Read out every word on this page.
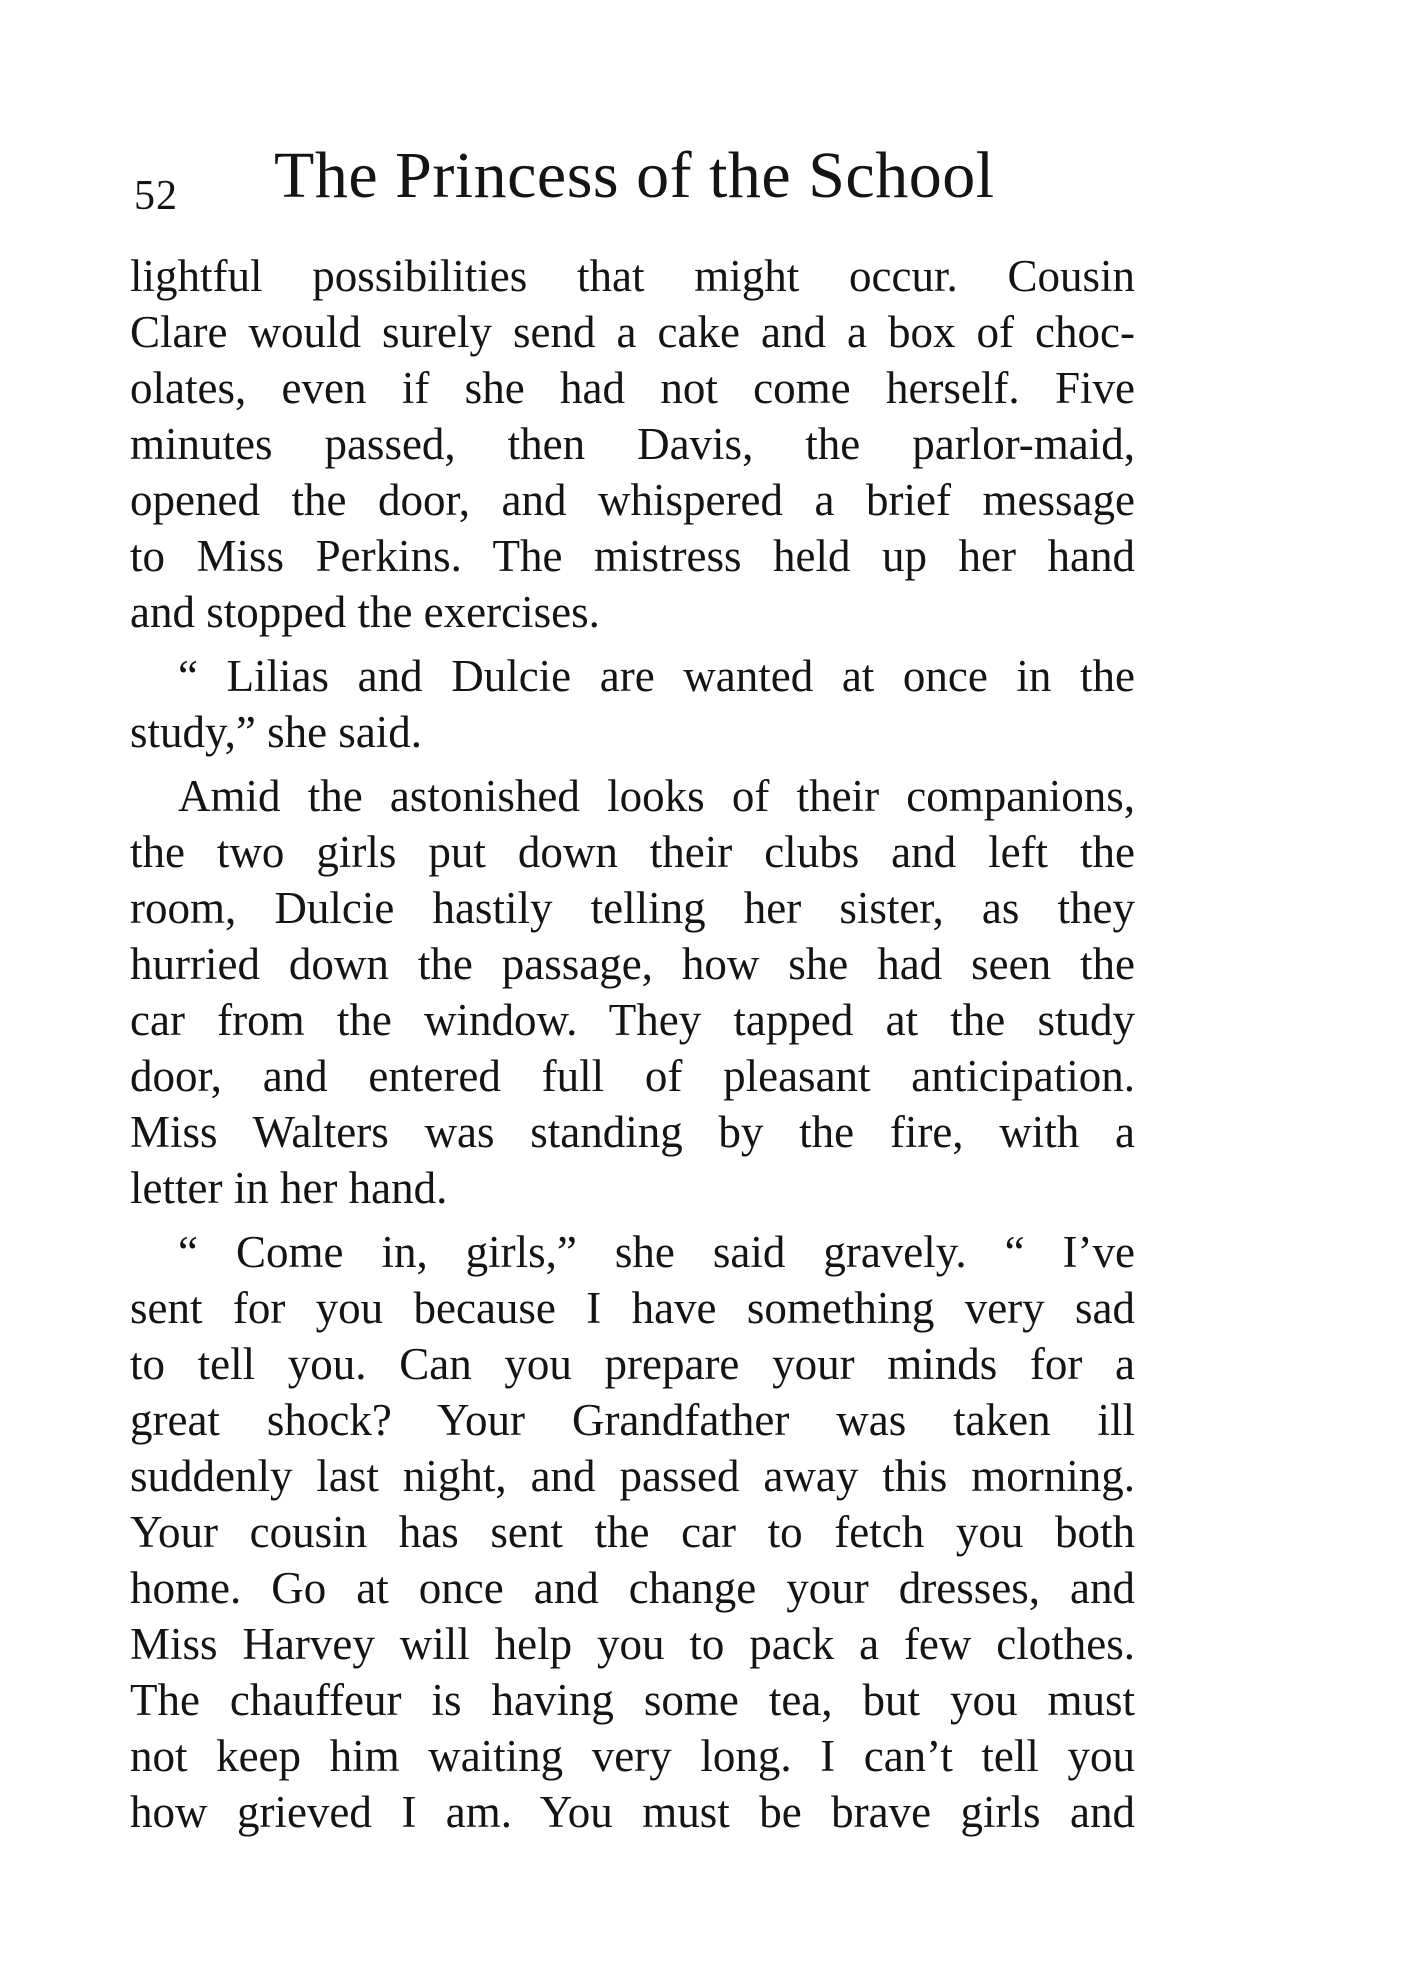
52 The Princess of the School
lightful possibilities that might occur. Cousin
Clare would surely send a cake and a box of choc-
olates, even if she had not come herself. Five
minutes passed, then Davis, the parlor-maid,
opened the door, and whispered a brief message
to Miss Perkins. The mistress held up her hand
and stopped the exercises.
“ Lilias and Dulcie are wanted at once in the
study,” she said.
Amid the astonished looks of their companions,
the two girls put down their clubs and left the
room, Dulcie hastily telling her sister, as they
hurried down the passage, how she had seen the
car from the window. They tapped at the study
door, and entered full of pleasant anticipation.
Miss Walters was standing by the fire, with a
letter in her hand.
“ Come in, girls,” she said gravely. “ I’ve
sent for you because I have something very sad
to tell you. Can you prepare your minds for a
great shock? Your Grandfather was taken ill
suddenly last night, and passed away this morning.
Your cousin has sent the car to fetch you both
home. Go at once and change your dresses, and
Miss Harvey will help you to pack a few clothes.
The chauffeur is having some tea, but you must
not keep him waiting very long. I can’t tell you
how grieved I am. You must be brave girls and
